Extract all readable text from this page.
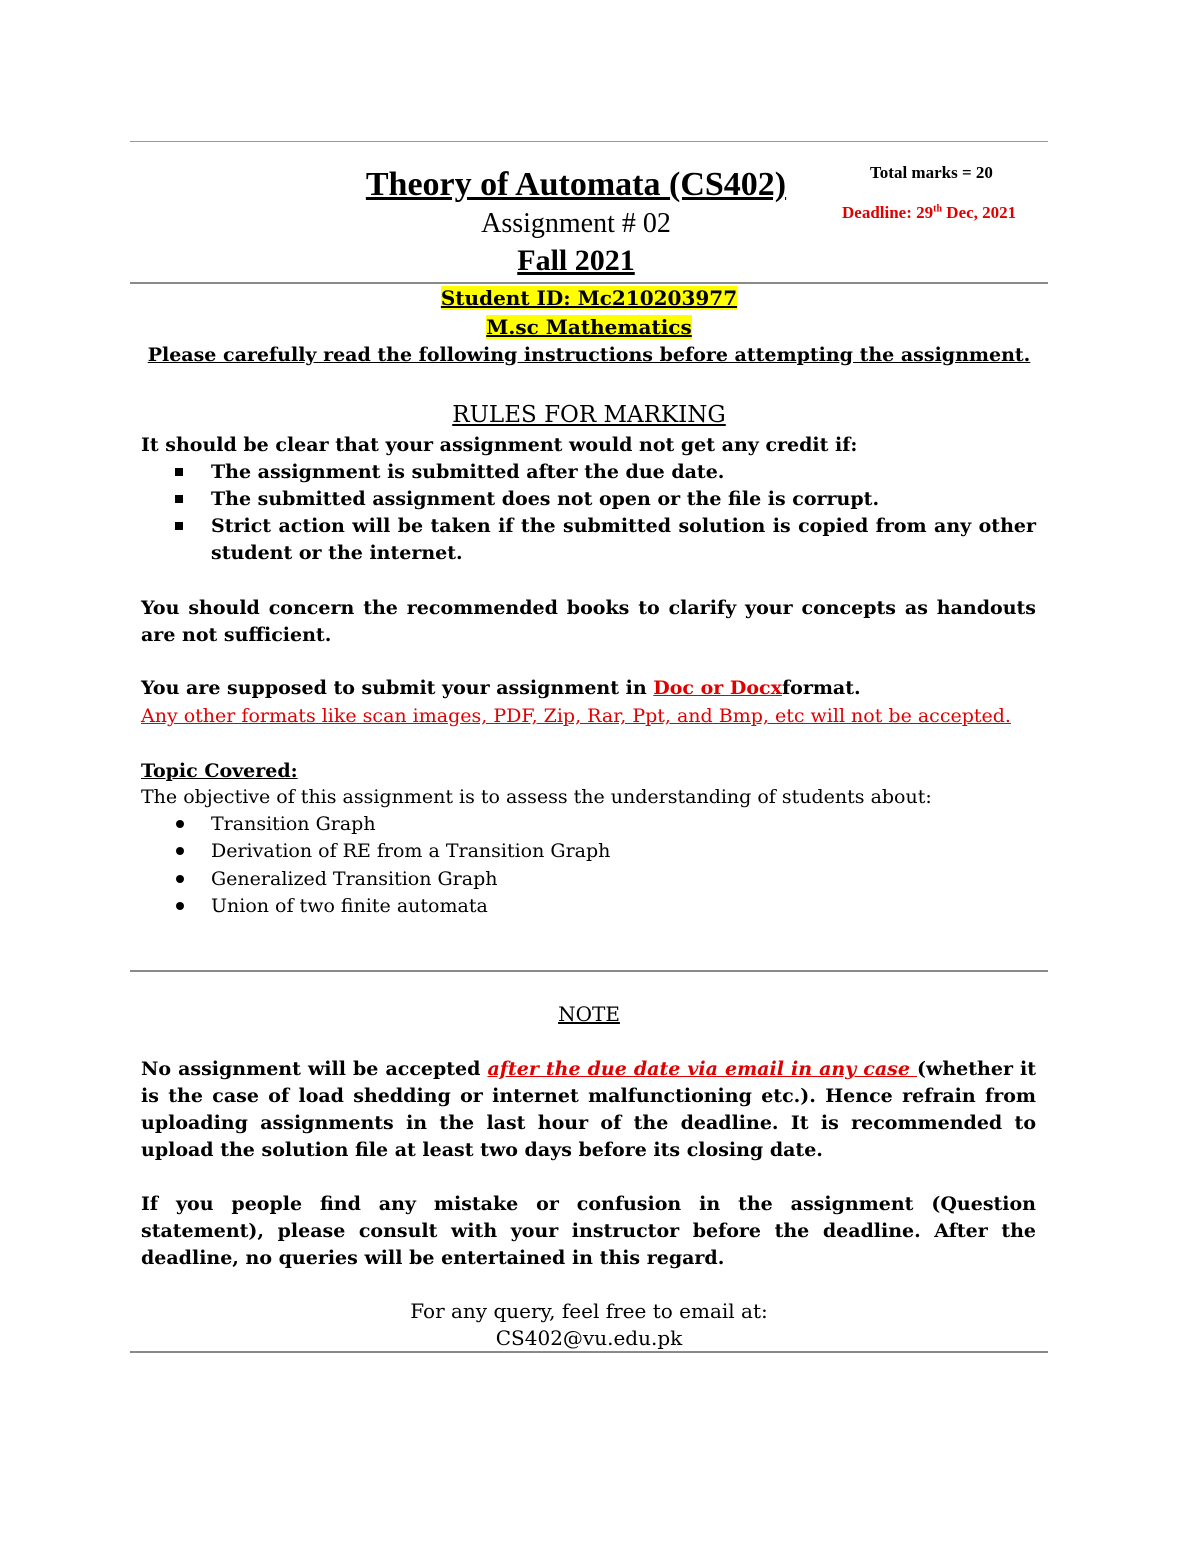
Theory of Automata (CS402)
Assignment # 02
Fall 2021
Total marks = 20
Deadline: 29th Dec, 2021
Student ID: Mc210203977
M.sc Mathematics
Please carefully read the following instructions before attempting the assignment.
RULES FOR MARKING
It should be clear that your assignment would not get any credit if:
The assignment is submitted after the due date.
The submitted assignment does not open or the file is corrupt.
Strict action will be taken if the submitted solution is copied from any other student or the internet.
You should concern the recommended books to clarify your concepts as handouts are not sufficient.
You are supposed to submit your assignment in Doc or Docxformat.
Any other formats like scan images, PDF, Zip, Rar, Ppt, and Bmp, etc will not be accepted.
Topic Covered:
The objective of this assignment is to assess the understanding of students about:
Transition Graph
Derivation of RE from a Transition Graph
Generalized Transition Graph
Union of two finite automata
NOTE
No assignment will be accepted after the due date via email in any case (whether it is the case of load shedding or internet malfunctioning etc.). Hence refrain from uploading assignments in the last hour of the deadline. It is recommended to upload the solution file at least two days before its closing date.
If you people find any mistake or confusion in the assignment (Question statement), please consult with your instructor before the deadline. After the deadline, no queries will be entertained in this regard.
For any query, feel free to email at:
CS402@vu.edu.pk
